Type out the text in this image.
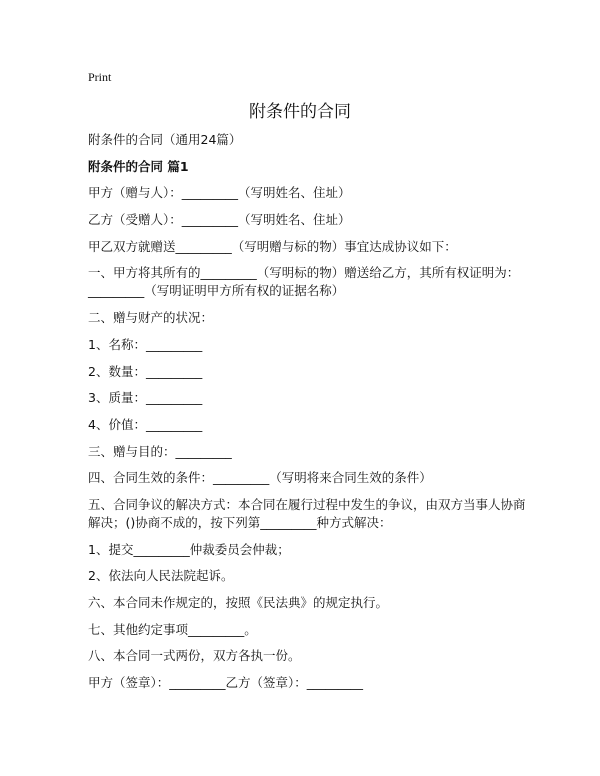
Print
附条件的合同

附条件的合同（通用24篇）

附条件的合同 篇1

甲方（赠与人）：_________（写明姓名、住址）

乙方（受赠人）：_________（写明姓名、住址）

甲乙双方就赠送_________（写明赠与标的物）事宜达成协议如下：

一、甲方将其所有的_________（写明标的物）赠送给乙方，其所有权证明为：_________（写明证明甲方所有权的证据名称）

二、赠与财产的状况：

1、名称：_________

2、数量：_________

3、质量：_________

4、价值：_________

三、赠与目的：_________

四、合同生效的条件：_________（写明将来合同生效的条件）

五、合同争议的解决方式：本合同在履行过程中发生的争议，由双方当事人协商解决；()协商不成的，按下列第_________种方式解决：

1、提交_________仲裁委员会仲裁；

2、依法向人民法院起诉。

六、本合同未作规定的，按照《民法典》的规定执行。

七、其他约定事项_________。

八、本合同一式两份，双方各执一份。

甲方（签章）：_________乙方（签章）：_________
